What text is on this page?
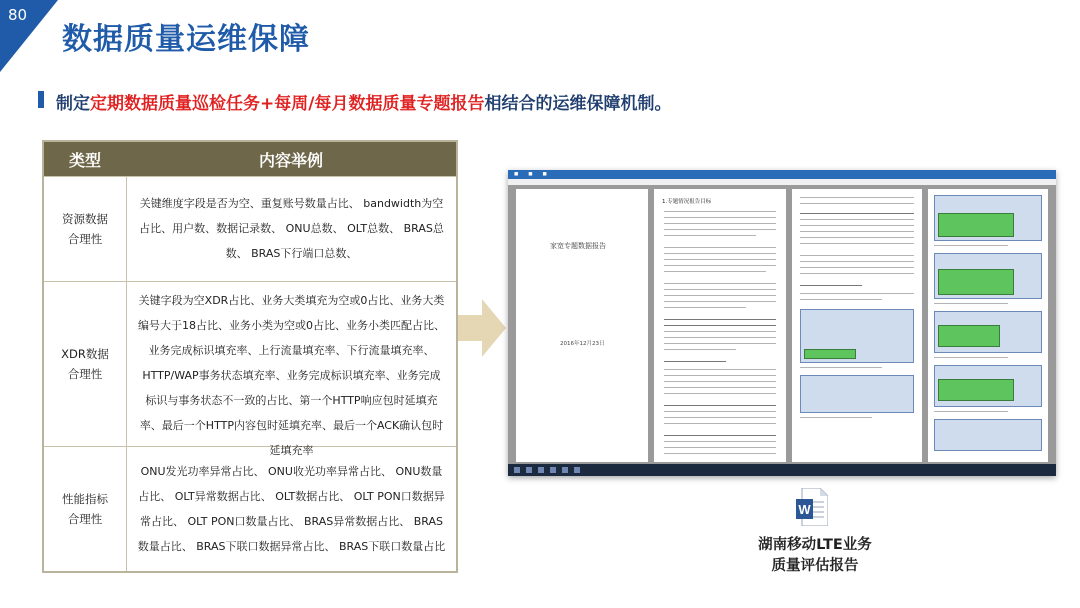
80
数据质量运维保障
制定定期数据质量巡检任务+每周/每月数据质量专题报告相结合的运维保障机制。
类型	内容举例
资源数据
合理性
关键维度字段是否为空、重复账号数量占比、 bandwidth为空占比、用户数、数据记录数、 ONU总数、 OLT总数、 BRAS总数、 BRAS下行端口总数、
XDR数据
合理性
关键字段为空XDR占比、业务大类填充为空或0占比、业务大类编号大于18占比、业务小类为空或0占比、业务小类匹配占比、业务完成标识填充率、上行流量填充率、下行流量填充率、HTTP/WAP事务状态填充率、业务完成标识填充率、业务完成标识与事务状态不一致的占比、第一个HTTP响应包时延填充率、最后一个HTTP内容包时延填充率、最后一个ACK确认包时延填充率
性能指标
合理性
ONU发光功率异常占比、 ONU收光功率异常占比、 ONU数量占比、 OLT异常数据占比、 OLT数据占比、 OLT PON口数据异常占比、 OLT PON口数量占比、 BRAS异常数据占比、 BRAS数量占比、 BRAS下联口数据异常占比、 BRAS下联口数量占比
■ ■ ■
家宽专题数据报告
2016年12月23日
1.专题情况报告目标
W
湖南移动LTE业务
质量评估报告
